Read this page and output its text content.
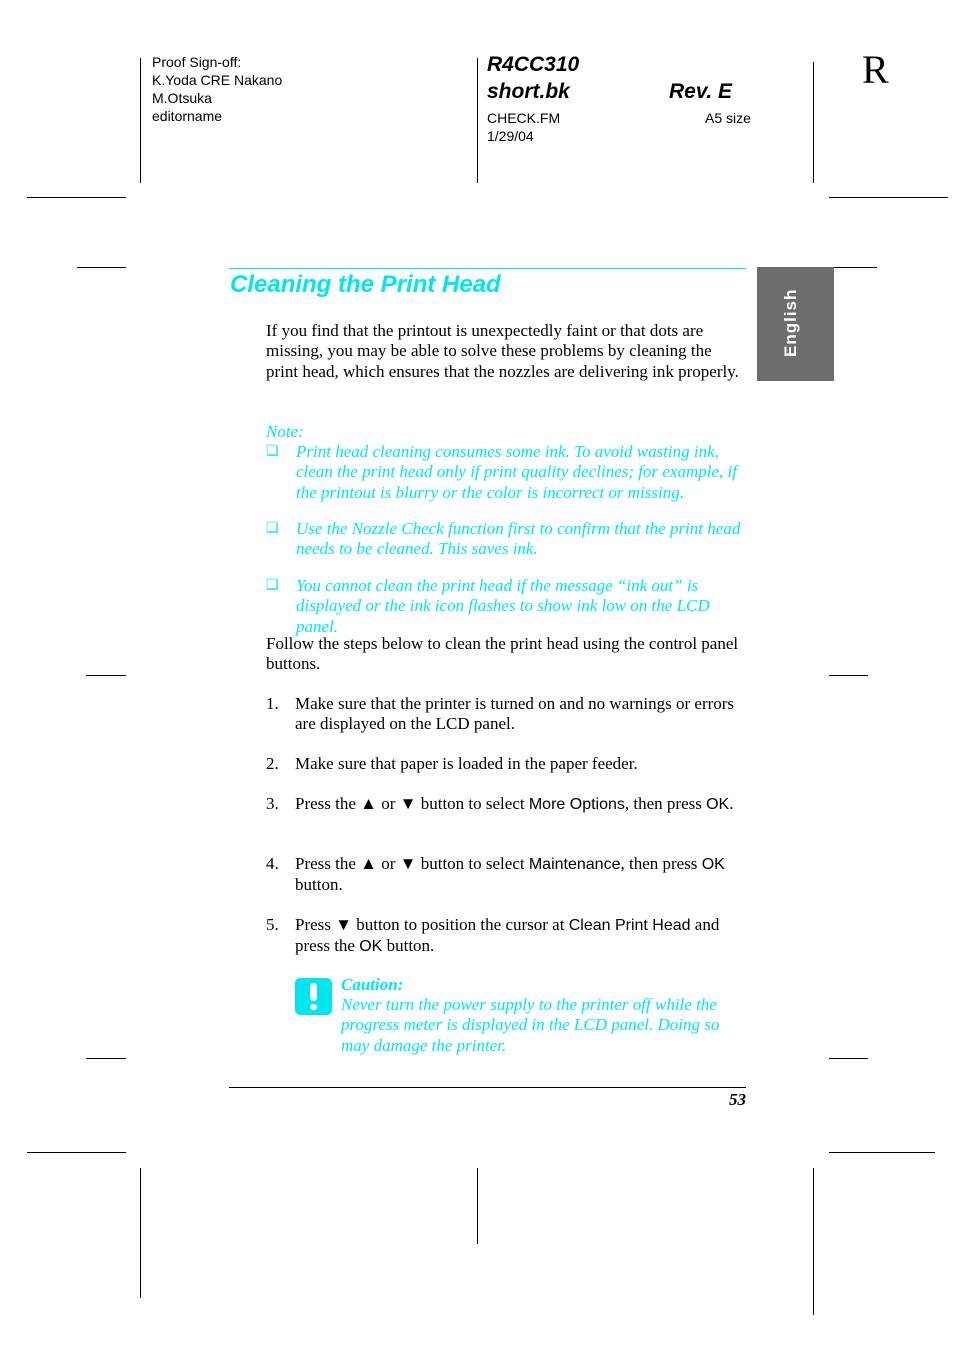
Proof Sign-off:
K.Yoda CRE Nakano
M.Otsuka
editorname
R4CC310
short.bk	Rev. E
CHECK.FM
1/29/04
A5 size
R
English
Cleaning the Print Head
If you find that the printout is unexpectedly faint or that dots are missing, you may be able to solve these problems by cleaning the print head, which ensures that the nozzles are delivering ink properly.
Note:
❏ Print head cleaning consumes some ink. To avoid wasting ink, clean the print head only if print quality declines; for example, if the printout is blurry or the color is incorrect or missing.
❏ Use the Nozzle Check function first to confirm that the print head needs to be cleaned. This saves ink.
❏ You cannot clean the print head if the message “ink out” is displayed or the ink icon flashes to show ink low on the LCD panel.
Follow the steps below to clean the print head using the control panel buttons.
1. Make sure that the printer is turned on and no warnings or errors are displayed on the LCD panel.
2. Make sure that paper is loaded in the paper feeder.
3. Press the ▲ or ▼ button to select More Options, then press OK.
4. Press the ▲ or ▼ button to select Maintenance, then press OK button.
5. Press ▼ button to position the cursor at Clean Print Head and press the OK button.
Caution:
Never turn the power supply to the printer off while the progress meter is displayed in the LCD panel. Doing so may damage the printer.
53
